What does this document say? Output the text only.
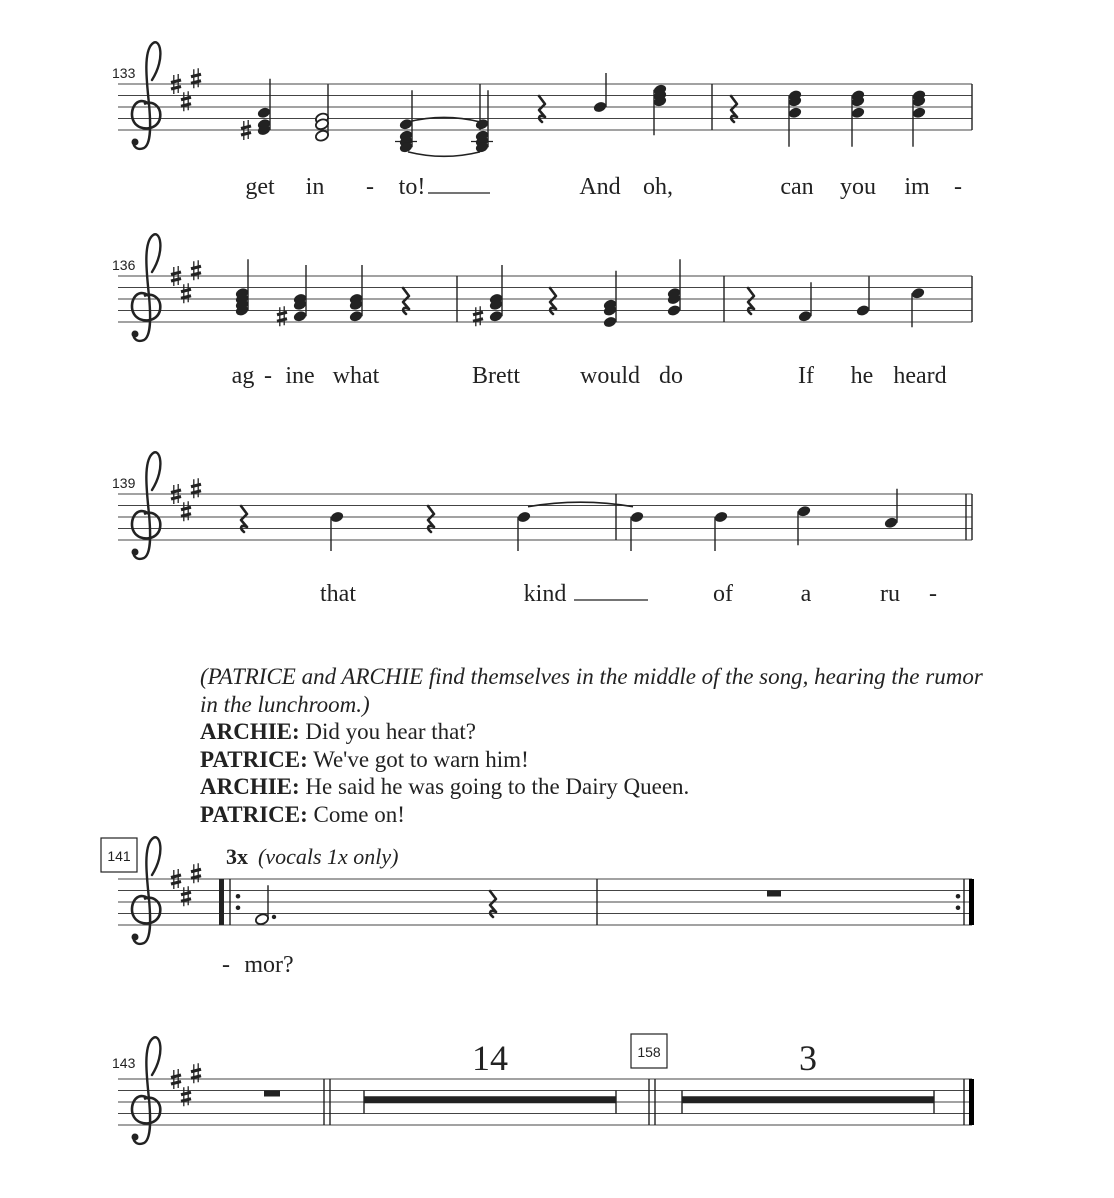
133
136
139
141
143
3x (vocals 1x only)
14	158	3
get in - to!	And oh,	can you im -
ag - ine what	Brett	would do	If he heard
that	kind	of	a	ru -
- mor?

(PATRICE and ARCHIE find themselves in the middle of the song, hearing the rumor in the lunchroom.)

ARCHIE: Did you hear that?

PATRICE: We've got to warn him!

ARCHIE: He said he was going to the Dairy Queen.

PATRICE: Come on!
